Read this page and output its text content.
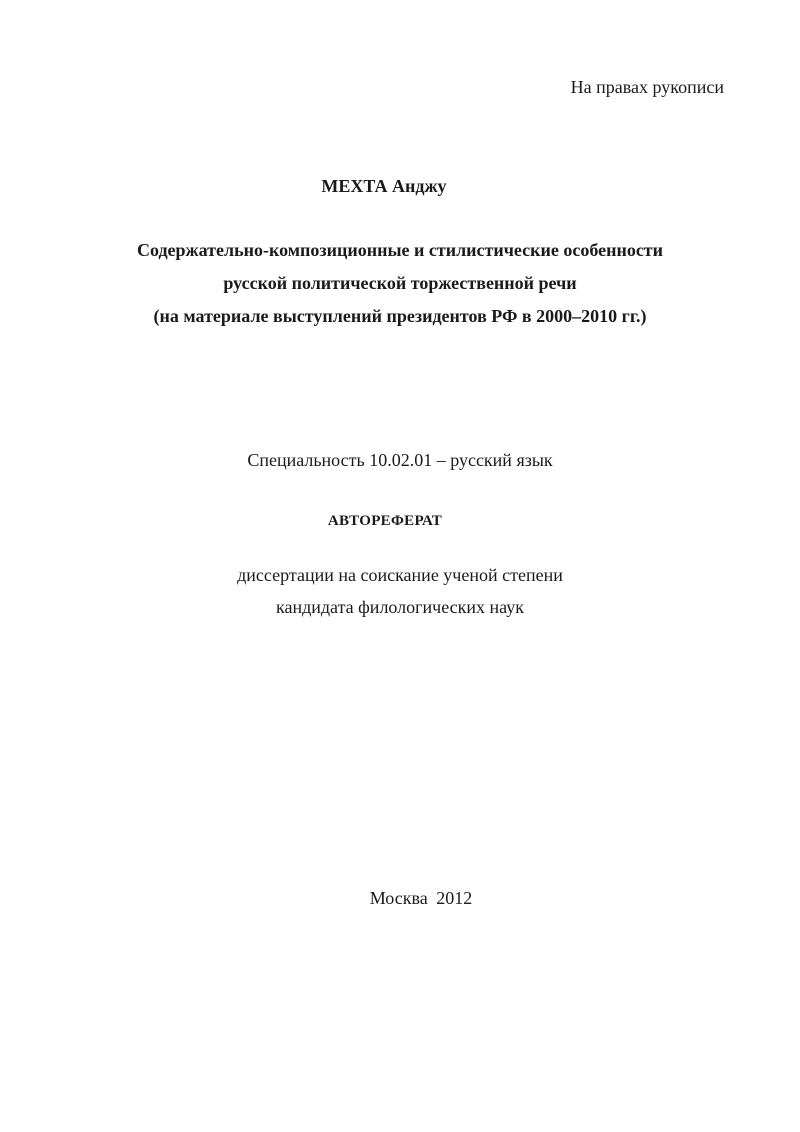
На правах рукописи
МЕХТА Анджу
Содержательно-композиционные и стилистические особенности
русской политической торжественной речи
(на материале выступлений президентов РФ в 2000–2010 гг.)
Специальность 10.02.01 – русский язык
АВТОРЕФЕРАТ
диссертации на соискание ученой степени
кандидата филологических наук
Москва 2012
